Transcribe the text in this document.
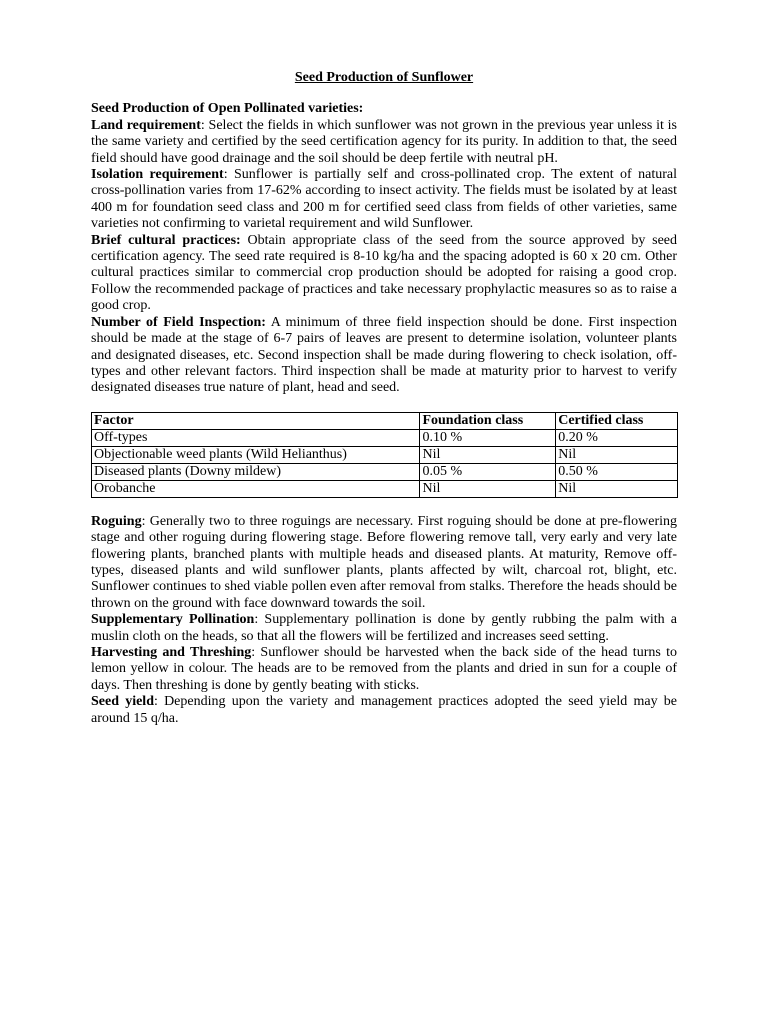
Seed Production of Sunflower
Seed Production of Open Pollinated varieties:

Land requirement: Select the fields in which sunflower was not grown in the previous year unless it is the same variety and certified by the seed certification agency for its purity. In addition to that, the seed field should have good drainage and the soil should be deep fertile with neutral pH.

Isolation requirement: Sunflower is partially self and cross-pollinated crop. The extent of natural cross-pollination varies from 17-62% according to insect activity. The fields must be isolated by at least 400 m for foundation seed class and 200 m for certified seed class from fields of other varieties, same varieties not confirming to varietal requirement and wild Sunflower.

Brief cultural practices: Obtain appropriate class of the seed from the source approved by seed certification agency. The seed rate required is 8-10 kg/ha and the spacing adopted is 60 x 20 cm. Other cultural practices similar to commercial crop production should be adopted for raising a good crop. Follow the recommended package of practices and take necessary prophylactic measures so as to raise a good crop.

Number of Field Inspection: A minimum of three field inspection should be done. First inspection should be made at the stage of 6-7 pairs of leaves are present to determine isolation, volunteer plants and designated diseases, etc. Second inspection shall be made during flowering to check isolation, off-types and other relevant factors. Third inspection shall be made at maturity prior to harvest to verify designated diseases true nature of plant, head and seed.

Factor	Foundation class	Certified class
Off-types	0.10 %	0.20 %
Objectionable weed plants (Wild Helianthus)	Nil	Nil
Diseased plants (Downy mildew)	0.05 %	0.50 %
Orobanche	Nil	Nil

Roguing: Generally two to three roguings are necessary. First roguing should be done at pre-flowering stage and other roguing during flowering stage. Before flowering remove tall, very early and very late flowering plants, branched plants with multiple heads and diseased plants. At maturity, Remove off-types, diseased plants and wild sunflower plants, plants affected by wilt, charcoal rot, blight, etc. Sunflower continues to shed viable pollen even after removal from stalks. Therefore the heads should be thrown on the ground with face downward towards the soil.

Supplementary Pollination: Supplementary pollination is done by gently rubbing the palm with a muslin cloth on the heads, so that all the flowers will be fertilized and increases seed setting.

Harvesting and Threshing: Sunflower should be harvested when the back side of the head turns to lemon yellow in colour. The heads are to be removed from the plants and dried in sun for a couple of days. Then threshing is done by gently beating with sticks.

Seed yield: Depending upon the variety and management practices adopted the seed yield may be around 15 q/ha.
